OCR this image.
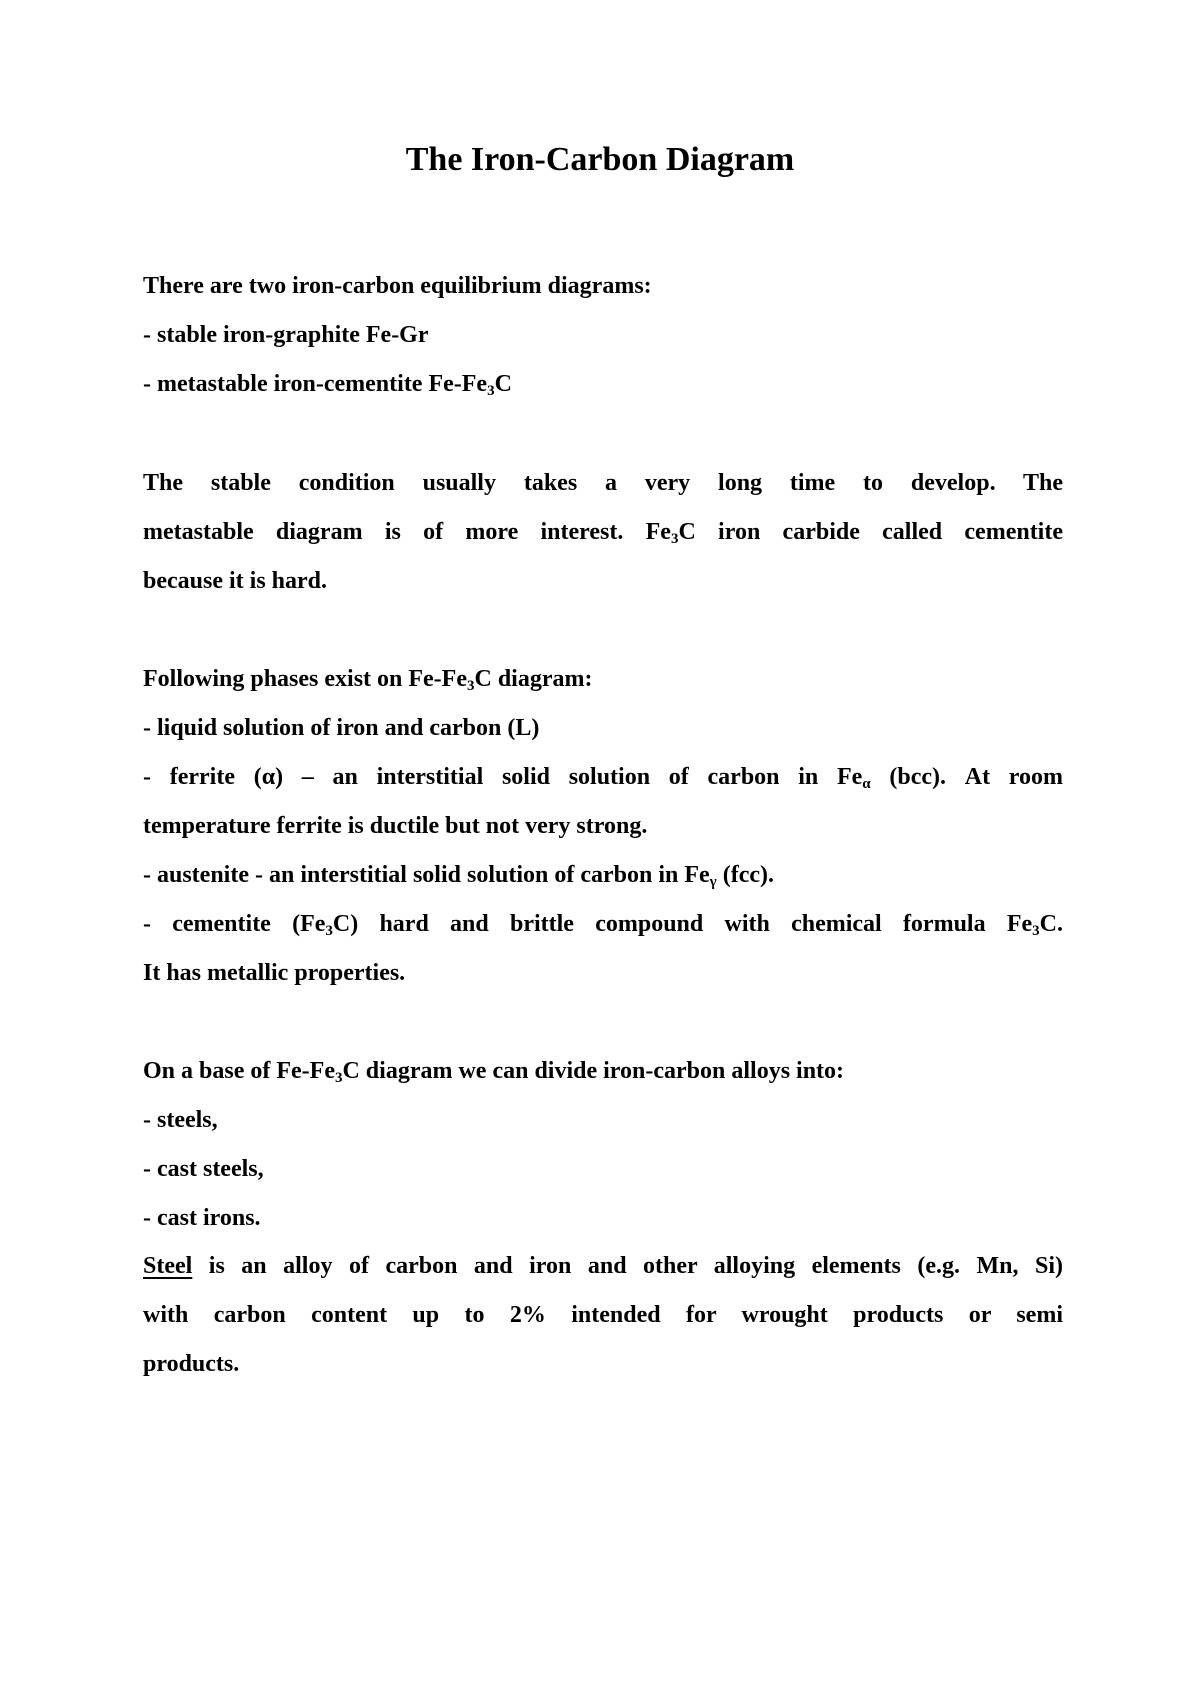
The Iron-Carbon Diagram
There are two iron-carbon equilibrium diagrams:
- stable iron-graphite Fe-Gr
- metastable iron-cementite $Fe-Fe_3C$
The stable condition usually takes a very long time to develop. The
metastable diagram is of more interest. $Fe_3C$ iron carbide called cementite
because it is hard.
Following phases exist on $Fe-Fe_3C$ diagram:
- liquid solution of iron and carbon (L)
- ferrite (α) – an interstitial solid solution of carbon in $Fe_\alpha$ (bcc). At room
temperature ferrite is ductile but not very strong.
- austenite - an interstitial solid solution of carbon in $Fe_\gamma$ (fcc).
- cementite $(Fe_3C)$ hard and brittle compound with chemical formula $Fe_3C$.
It has metallic properties.
On a base of $Fe-Fe_3C$ diagram we can divide iron-carbon alloys into:
- steels,
- cast steels,
- cast irons.
Steel is an alloy of carbon and iron and other alloying elements (e.g. Mn, Si)
with carbon content up to 2% intended for wrought products or semi
products.
